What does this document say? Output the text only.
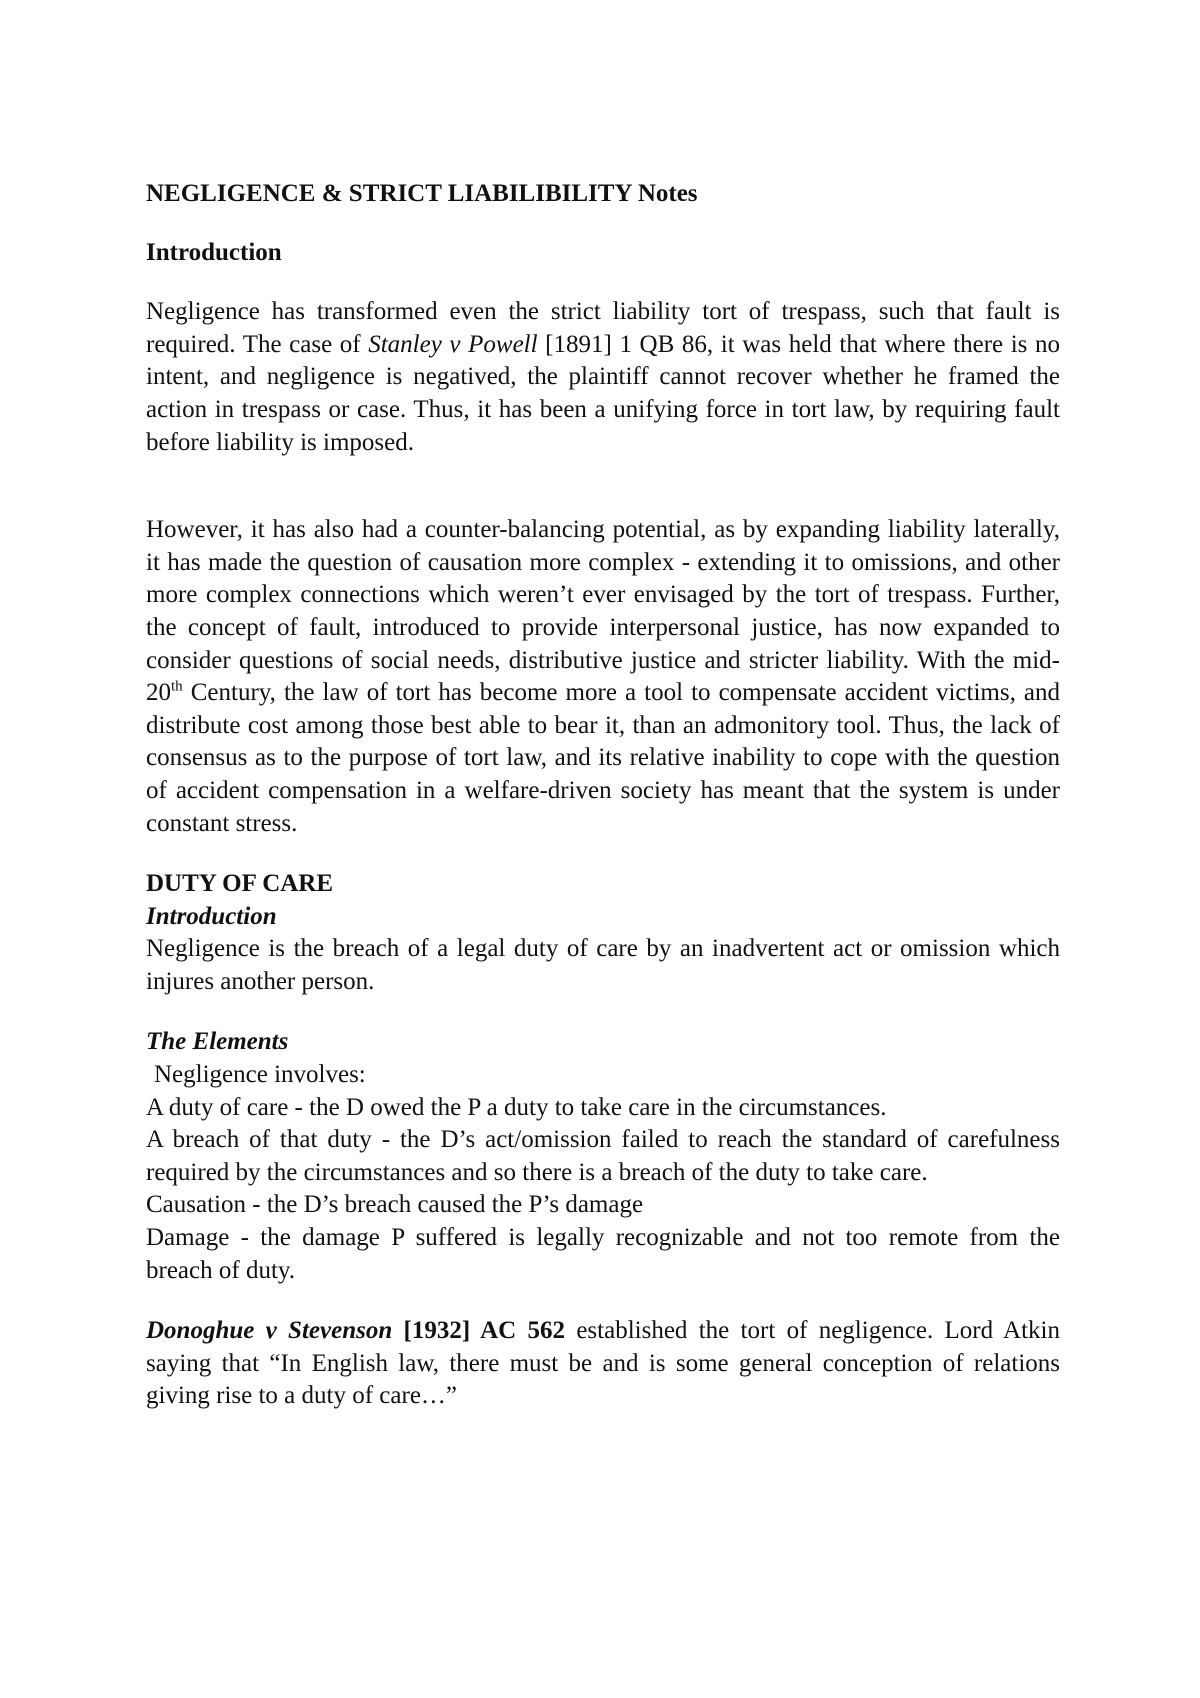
NEGLIGENCE & STRICT LIABILIBILITY Notes

Introduction

Negligence has transformed even the strict liability tort of trespass, such that fault is required. The case of Stanley v Powell [1891] 1 QB 86, it was held that where there is no intent, and negligence is negatived, the plaintiff cannot recover whether he framed the action in trespass or case. Thus, it has been a unifying force in tort law, by requiring fault before liability is imposed.

However, it has also had a counter-balancing potential, as by expanding liability laterally, it has made the question of causation more complex - extending it to omissions, and other more complex connections which weren’t ever envisaged by the tort of trespass. Further, the concept of fault, introduced to provide interpersonal justice, has now expanded to consider questions of social needs, distributive justice and stricter liability. With the mid-20th Century, the law of tort has become more a tool to compensate accident victims, and distribute cost among those best able to bear it, than an admonitory tool. Thus, the lack of consensus as to the purpose of tort law, and its relative inability to cope with the question of accident compensation in a welfare-driven society has meant that the system is under constant stress.

DUTY OF CARE

Introduction

Negligence is the breach of a legal duty of care by an inadvertent act or omission which injures another person.

The Elements

Negligence involves:

A duty of care - the D owed the P a duty to take care in the circumstances.

A breach of that duty - the D’s act/omission failed to reach the standard of carefulness required by the circumstances and so there is a breach of the duty to take care.

Causation - the D’s breach caused the P’s damage

Damage - the damage P suffered is legally recognizable and not too remote from the breach of duty.

Donoghue v Stevenson [1932] AC 562 established the tort of negligence. Lord Atkin saying that “In English law, there must be and is some general conception of relations giving rise to a duty of care…”
